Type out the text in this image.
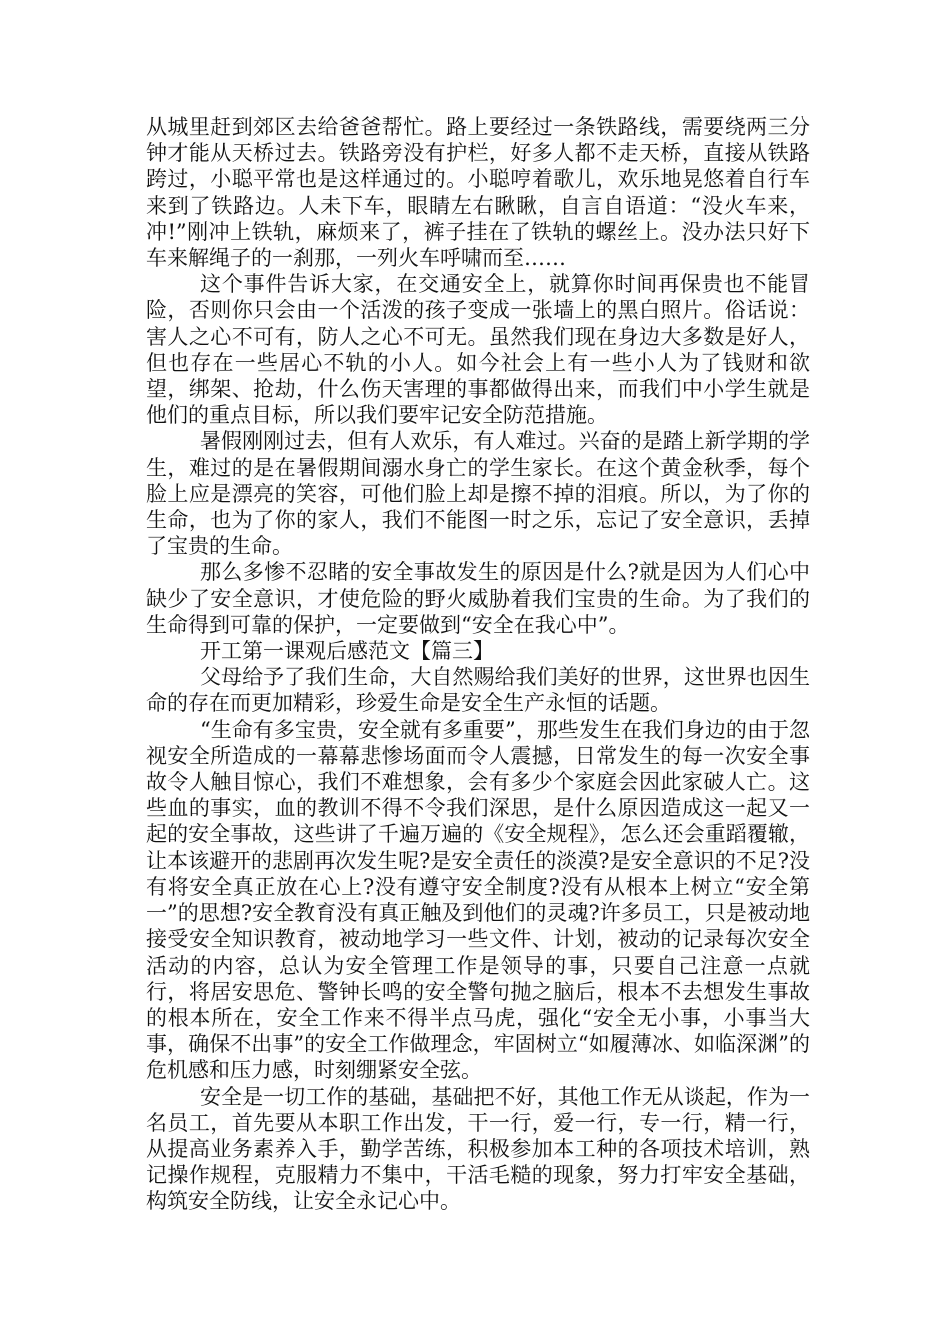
从城里赶到郊区去给爸爸帮忙。路上要经过一条铁路线，需要绕两三分钟才能从天桥过去。铁路旁没有护栏，好多人都不走天桥，直接从铁路跨过，小聪平常也是这样通过的。小聪哼着歌儿，欢乐地晃悠着自行车来到了铁路边。人未下车，眼睛左右瞅瞅，自言自语道：“没火车来，冲!”刚冲上铁轨，麻烦来了，裤子挂在了铁轨的螺丝上。没办法只好下车来解绳子的一刹那，一列火车呼啸而至……

这个事件告诉大家，在交通安全上，就算你时间再保贵也不能冒险，否则你只会由一个活泼的孩子变成一张墙上的黑白照片。俗话说：害人之心不可有，防人之心不可无。虽然我们现在身边大多数是好人，但也存在一些居心不轨的小人。如今社会上有一些小人为了钱财和欲望，绑架、抢劫，什么伤天害理的事都做得出来，而我们中小学生就是他们的重点目标，所以我们要牢记安全防范措施。

暑假刚刚过去，但有人欢乐，有人难过。兴奋的是踏上新学期的学生，难过的是在暑假期间溺水身亡的学生家长。在这个黄金秋季，每个脸上应是漂亮的笑容，可他们脸上却是擦不掉的泪痕。所以，为了你的生命，也为了你的家人，我们不能图一时之乐，忘记了安全意识，丢掉了宝贵的生命。

那么多惨不忍睹的安全事故发生的原因是什么?就是因为人们心中缺少了安全意识，才使危险的野火威胁着我们宝贵的生命。为了我们的生命得到可靠的保护，一定要做到“安全在我心中”。

开工第一课观后感范文【篇三】

父母给予了我们生命，大自然赐给我们美好的世界，这世界也因生命的存在而更加精彩，珍爱生命是安全生产永恒的话题。

“生命有多宝贵，安全就有多重要”，那些发生在我们身边的由于忽视安全所造成的一幕幕悲惨场面而令人震撼，日常发生的每一次安全事故令人触目惊心，我们不难想象，会有多少个家庭会因此家破人亡。这些血的事实，血的教训不得不令我们深思，是什么原因造成这一起又一起的安全事故，这些讲了千遍万遍的《安全规程》，怎么还会重蹈覆辙，让本该避开的悲剧再次发生呢?是安全责任的淡漠?是安全意识的不足?没有将安全真正放在心上?没有遵守安全制度?没有从根本上树立“安全第一”的思想?安全教育没有真正触及到他们的灵魂?许多员工，只是被动地接受安全知识教育，被动地学习一些文件、计划，被动的记录每次安全活动的内容，总认为安全管理工作是领导的事，只要自己注意一点就行，将居安思危、警钟长鸣的安全警句抛之脑后，根本不去想发生事故的根本所在，安全工作来不得半点马虎，强化“安全无小事，小事当大事，确保不出事”的安全工作做理念，牢固树立“如履薄冰、如临深渊”的危机感和压力感，时刻绷紧安全弦。

安全是一切工作的基础，基础把不好，其他工作无从谈起，作为一名员工，首先要从本职工作出发，干一行，爱一行，专一行，精一行，从提高业务素养入手，勤学苦练，积极参加本工种的各项技术培训，熟记操作规程，克服精力不集中，干活毛糙的现象，努力打牢安全基础，构筑安全防线，让安全永记心中。
